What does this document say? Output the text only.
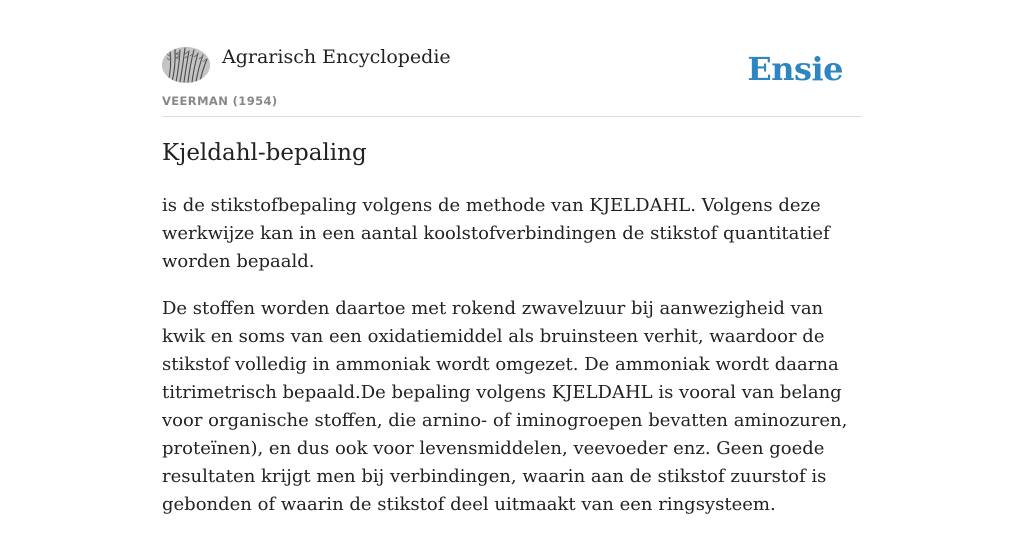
Agrarisch Encyclopedie
VEERMAN (1954)
Ensie
Kjeldahl-bepaling

is de stikstofbepaling volgens de methode van KJELDAHL. Volgens deze werkwijze kan in een aantal koolstofverbindingen de stikstof quantitatief worden bepaald.

De stoffen worden daartoe met rokend zwavelzuur bij aanwezigheid van kwik en soms van een oxidatiemiddel als bruinsteen verhit, waardoor de stikstof volledig in ammoniak wordt omgezet. De ammoniak wordt daarna titrimetrisch bepaald.De bepaling volgens KJELDAHL is vooral van belang voor organische stoffen, die arnino- of iminogroepen bevatten aminozuren, proteïnen), en dus ook voor levensmiddelen, veevoeder enz. Geen goede resultaten krijgt men bij verbindingen, waarin aan de stikstof zuurstof is gebonden of waarin de stikstof deel uitmaakt van een ringsysteem.
